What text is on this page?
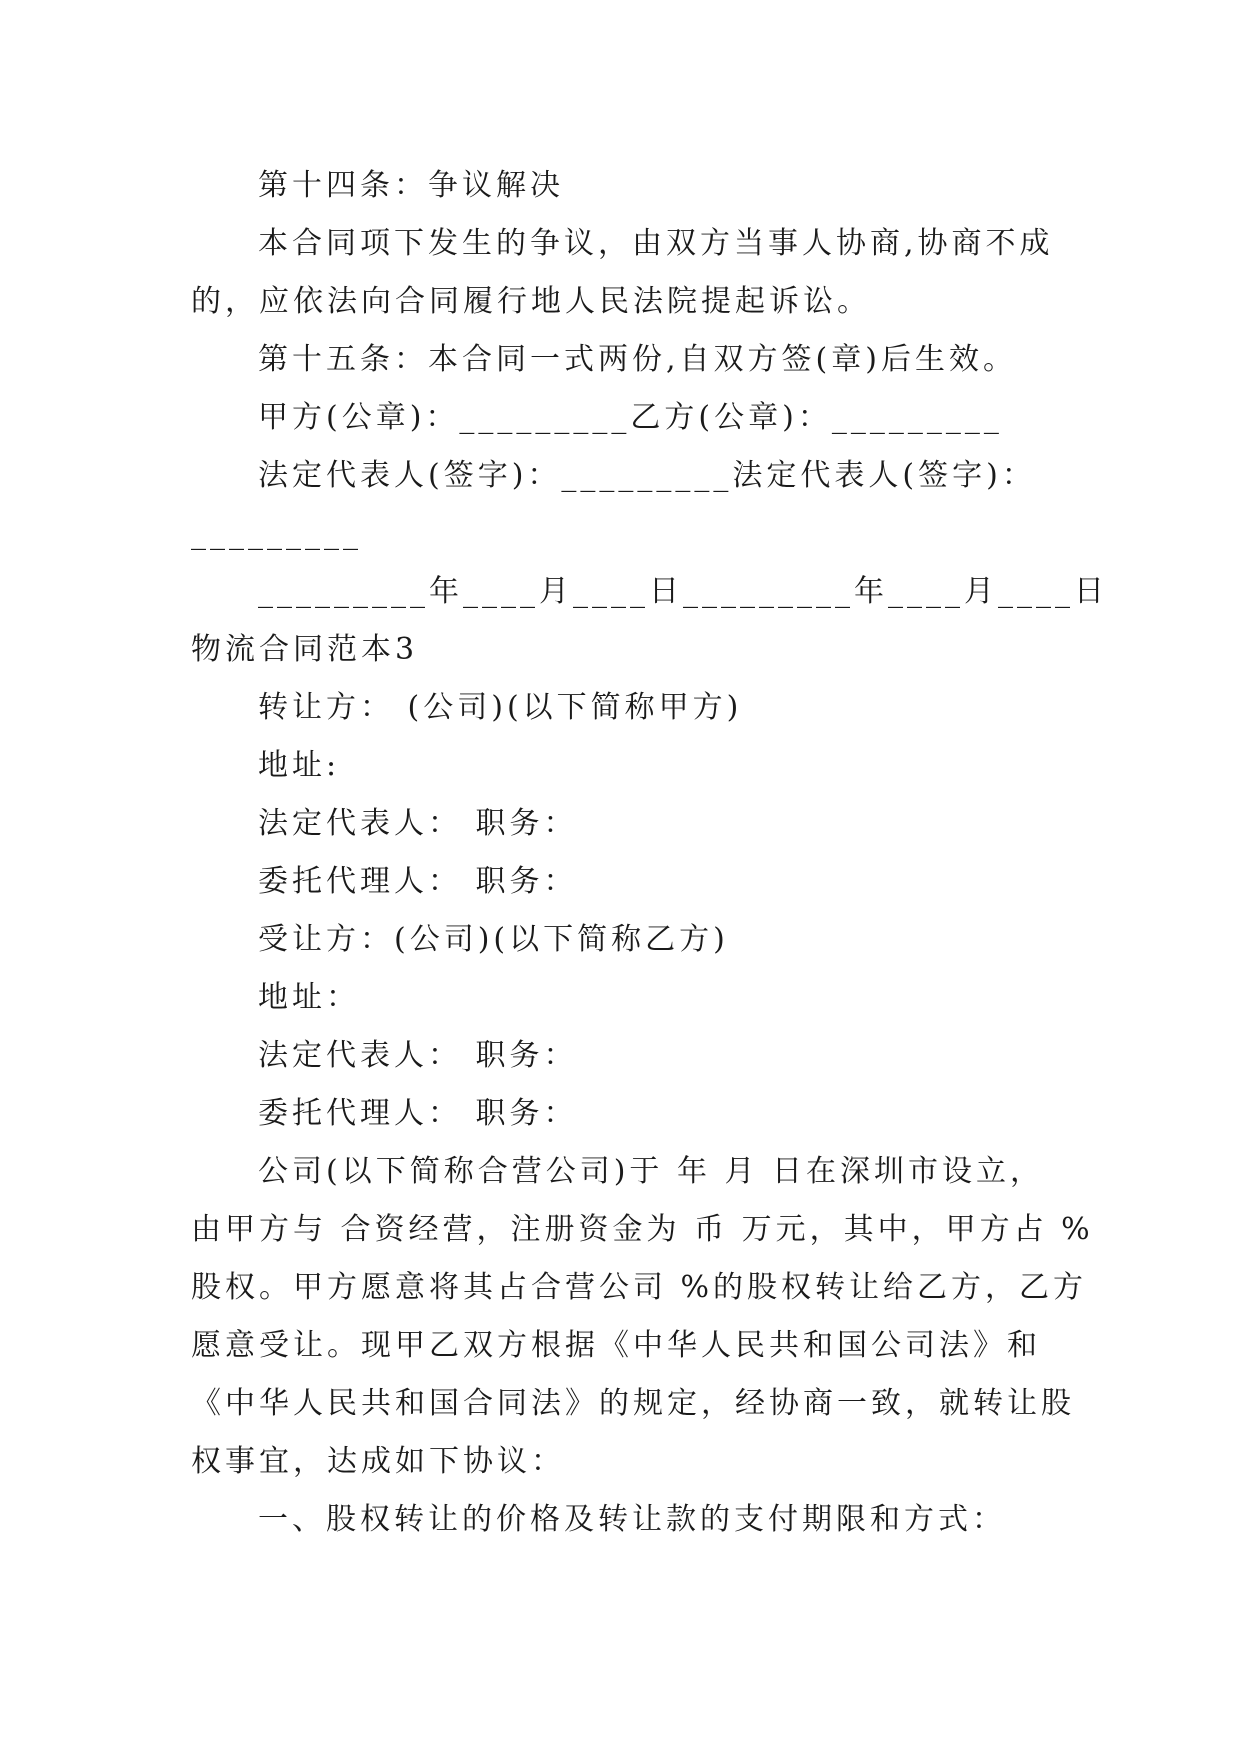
第十四条：争议解决
本合同项下发生的争议，由双方当事人协商,协商不成
的，应依法向合同履行地人民法院提起诉讼。
第十五条：本合同一式两份,自双方签(章)后生效。
甲方(公章)：_________乙方(公章)：_________
法定代表人(签字)：_________法定代表人(签字)：
_________
_________年____月____日_________年____月____日
物流合同范本3
转让方： (公司)(以下简称甲方)
地址:
法定代表人： 职务：
委托代理人： 职务：
受让方：(公司)(以下简称乙方)
地址：
法定代表人： 职务：
委托代理人： 职务：
公司(以下简称合营公司)于 年 月 日在深圳市设立，
由甲方与 合资经营，注册资金为 币 万元，其中，甲方占 %
股权。甲方愿意将其占合营公司 %的股权转让给乙方，乙方
愿意受让。现甲乙双方根据《中华人民共和国公司法》和
《中华人民共和国合同法》的规定，经协商一致，就转让股
权事宜，达成如下协议：
一、股权转让的价格及转让款的支付期限和方式：
